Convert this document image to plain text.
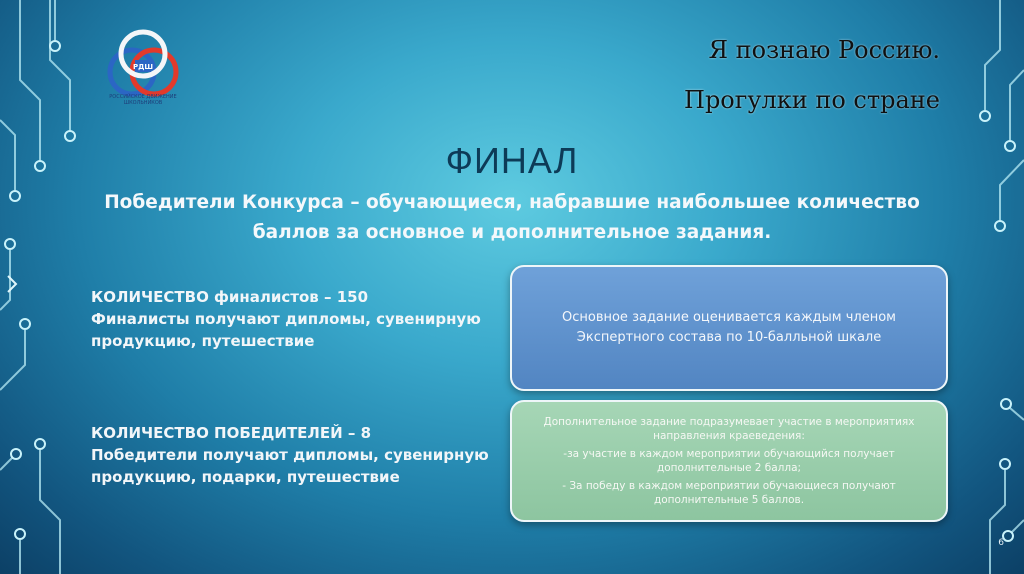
РДШ
РОССИЙСКОЕ ДВИЖЕНИЕ ШКОЛЬНИКОВ
Я познаю Россию.
Прогулки по стране
ФИНАЛ
Победители Конкурса – обучающиеся, набравшие наибольшее количество баллов за основное и дополнительное задания.
КОЛИЧЕСТВО финалистов – 150
Финалисты получают дипломы, сувенирную продукцию, путешествие
КОЛИЧЕСТВО ПОБЕДИТЕЛЕЙ – 8
Победители получают дипломы, сувенирную продукцию, подарки, путешествие
Основное задание оценивается каждым членом
Экспертного состава по 10-балльной шкале
Дополнительное задание подразумевает участие в мероприятиях направления краеведения:
-за участие в каждом мероприятии обучающийся получает дополнительные 2 балла;
- За победу в каждом мероприятии обучающиеся получают дополнительные 5 баллов.
6
